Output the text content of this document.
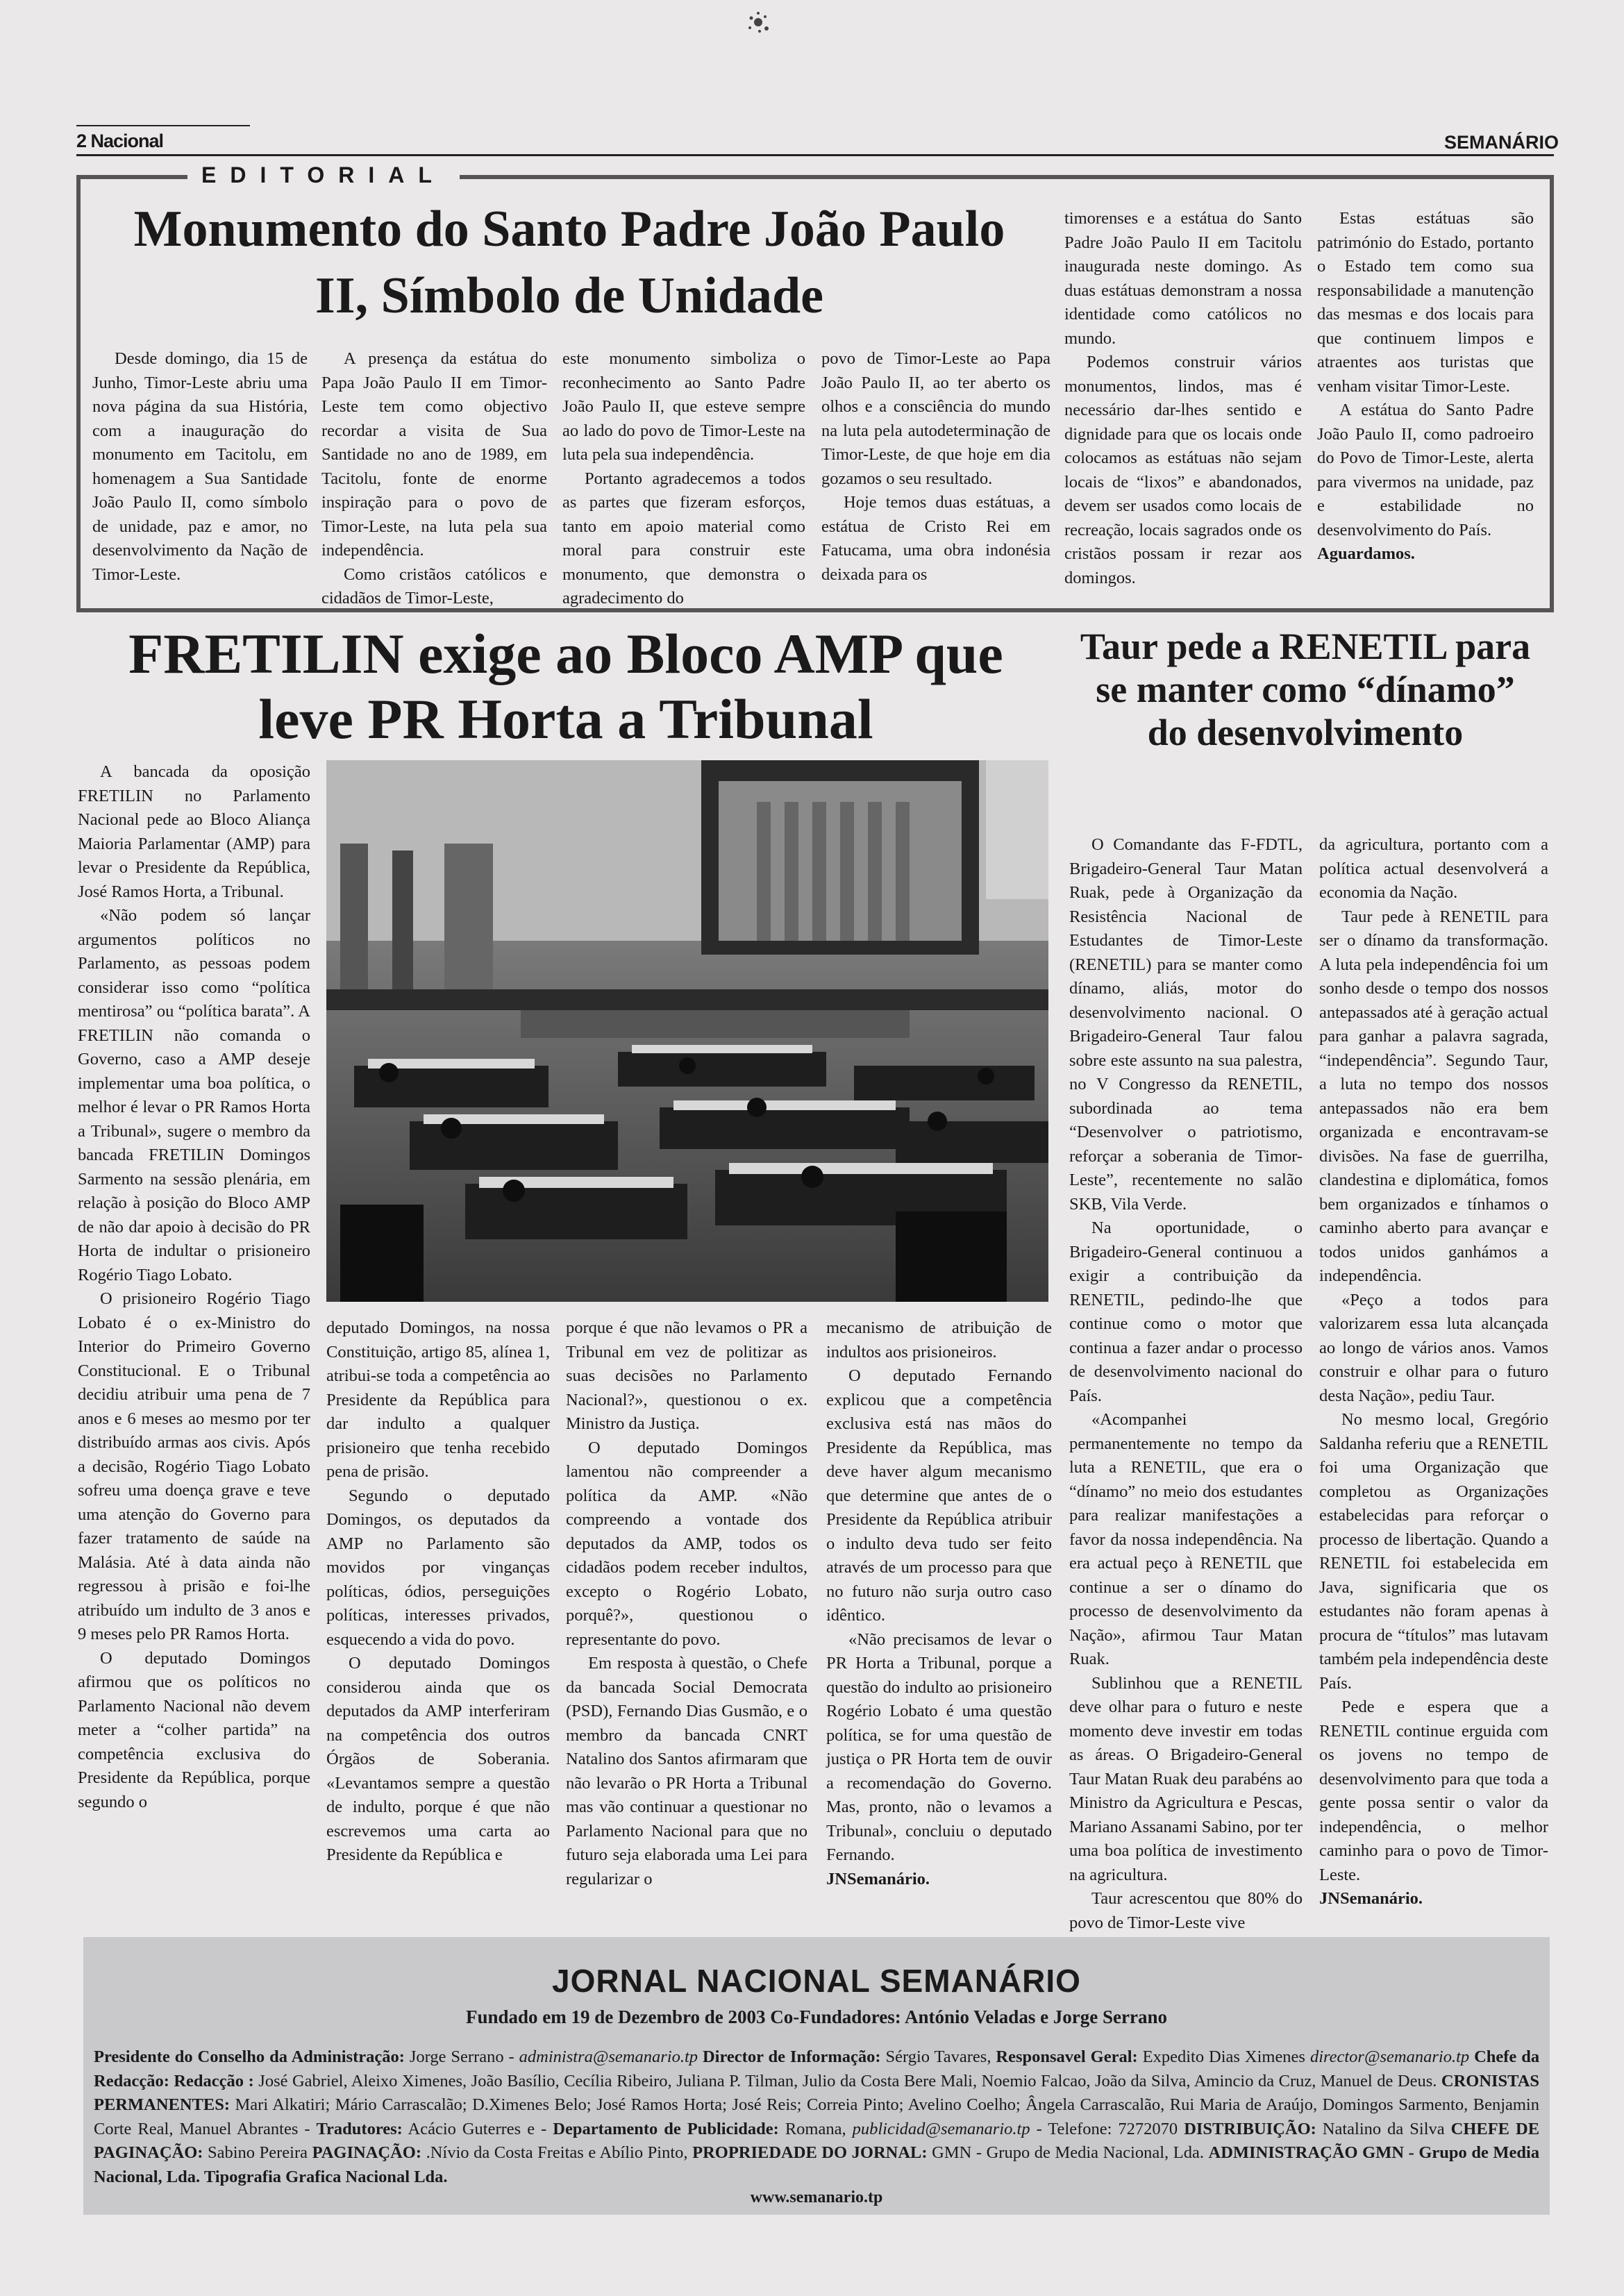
2 Nacional	SEMANÁRIO
EDITORIAL
Monumento do Santo Padre João Paulo II, Símbolo de Unidade

Desde domingo, dia 15 de Junho, Timor-Leste abriu uma nova página da sua História, com a inauguração do monumento em Tacitolu, em homenagem a Sua Santidade João Paulo II, como símbolo de unidade, paz e amor, no desenvolvimento da Nação de Timor-Leste.

A presença da estátua do Papa João Paulo II em Timor-Leste tem como objectivo recordar a visita de Sua Santidade no ano de 1989, em Tacitolu, fonte de enorme inspiração para o povo de Timor-Leste, na luta pela sua independência.

Como cristãos católicos e cidadãos de Timor-Leste,

este monumento simboliza o reconhecimento ao Santo Padre João Paulo II, que esteve sempre ao lado do povo de Timor-Leste na luta pela sua independência.

Portanto agradecemos a todos as partes que fizeram esforços, tanto em apoio material como moral para construir este monumento, que demonstra o agradecimento do

povo de Timor-Leste ao Papa João Paulo II, ao ter aberto os olhos e a consciência do mundo na luta pela autodeterminação de Timor-Leste, de que hoje em dia gozamos o seu resultado.

Hoje temos duas estátuas, a estátua de Cristo Rei em Fatucama, uma obra indonésia deixada para os

timorenses e a estátua do Santo Padre João Paulo II em Tacitolu inaugurada neste domingo. As duas estátuas demonstram a nossa identidade como católicos no mundo.

Podemos construir vários monumentos, lindos, mas é necessário dar-lhes sentido e dignidade para que os locais onde colocamos as estátuas não sejam locais de “lixos” e abandonados, devem ser usados como locais de recreação, locais sagrados onde os cristãos possam ir rezar aos domingos.

Estas estátuas são património do Estado, portanto o Estado tem como sua responsabilidade a manutenção das mesmas e dos locais para que continuem limpos e atraentes aos turistas que venham visitar Timor-Leste.

A estátua do Santo Padre João Paulo II, como padroeiro do Povo de Timor-Leste, alerta para vivermos na unidade, paz e estabilidade no desenvolvimento do País.

Aguardamos.

FRETILIN exige ao Bloco AMP que leve PR Horta a Tribunal

A bancada da oposição FRETILIN no Parlamento Nacional pede ao Bloco Aliança Maioria Parlamentar (AMP) para levar o Presidente da República, José Ramos Horta, a Tribunal.

«Não podem só lançar argumentos políticos no Parlamento, as pessoas podem considerar isso como “política mentirosa” ou “política barata”. A FRETILIN não comanda o Governo, caso a AMP deseje implementar uma boa política, o melhor é levar o PR Ramos Horta a Tribunal», sugere o membro da bancada FRETILIN Domingos Sarmento na sessão plenária, em relação à posição do Bloco AMP de não dar apoio à decisão do PR Horta de indultar o prisioneiro Rogério Tiago Lobato.

O prisioneiro Rogério Tiago Lobato é o ex-Ministro do Interior do Primeiro Governo Constitucional. E o Tribunal decidiu atribuir uma pena de 7 anos e 6 meses ao mesmo por ter distribuído armas aos civis. Após a decisão, Rogério Tiago Lobato sofreu uma doença grave e teve uma atenção do Governo para fazer tratamento de saúde na Malásia. Até à data ainda não regressou à prisão e foi-lhe atribuído um indulto de 3 anos e 9 meses pelo PR Ramos Horta.

O deputado Domingos afirmou que os políticos no Parlamento Nacional não devem meter a “colher partida” na competência exclusiva do Presidente da República, porque segundo o

deputado Domingos, na nossa Constituição, artigo 85, alínea 1, atribui-se toda a competência ao Presidente da República para dar indulto a qualquer prisioneiro que tenha recebido pena de prisão.

Segundo o deputado Domingos, os deputados da AMP no Parlamento são movidos por vinganças políticas, ódios, perseguições políticas, interesses privados, esquecendo a vida do povo.

O deputado Domingos considerou ainda que os deputados da AMP interferiram na competência dos outros Órgãos de Soberania. «Levantamos sempre a questão de indulto, porque é que não escrevemos uma carta ao Presidente da República e

porque é que não levamos o PR a Tribunal em vez de politizar as suas decisões no Parlamento Nacional?», questionou o ex. Ministro da Justiça.

O deputado Domingos lamentou não compreender a política da AMP. «Não compreendo a vontade dos deputados da AMP, todos os cidadãos podem receber indultos, excepto o Rogério Lobato, porquê?», questionou o representante do povo.

Em resposta à questão, o Chefe da bancada Social Democrata (PSD), Fernando Dias Gusmão, e o membro da bancada CNRT Natalino dos Santos afirmaram que não levarão o PR Horta a Tribunal mas vão continuar a questionar no Parlamento Nacional para que no futuro seja elaborada uma Lei para regularizar o

mecanismo de atribuição de indultos aos prisioneiros.

O deputado Fernando explicou que a competência exclusiva está nas mãos do Presidente da República, mas deve haver algum mecanismo que determine que antes de o Presidente da República atribuir o indulto deva tudo ser feito através de um processo para que no futuro não surja outro caso idêntico.

«Não precisamos de levar o PR Horta a Tribunal, porque a questão do indulto ao prisioneiro Rogério Lobato é uma questão política, se for uma questão de justiça o PR Horta tem de ouvir a recomendação do Governo. Mas, pronto, não o levamos a Tribunal», concluiu o deputado Fernando.

JNSemanário.

Taur pede a RENETIL para se manter como “dínamo” do desenvolvimento

O Comandante das F-FDTL, Brigadeiro-General Taur Matan Ruak, pede à Organização da Resistência Nacional de Estudantes de Timor-Leste (RENETIL) para se manter como dínamo, aliás, motor do desenvolvimento nacional. O Brigadeiro-General Taur falou sobre este assunto na sua palestra, no V Congresso da RENETIL, subordinada ao tema “Desenvolver o patriotismo, reforçar a soberania de Timor-Leste”, recentemente no salão SKB, Vila Verde.

Na oportunidade, o Brigadeiro-General continuou a exigir a contribuição da RENETIL, pedindo-lhe que continue como o motor que continua a fazer andar o processo de desenvolvimento nacional do País.

«Acompanhei permanentemente no tempo da luta a RENETIL, que era o “dínamo” no meio dos estudantes para realizar manifestações a favor da nossa independência. Na era actual peço à RENETIL que continue a ser o dínamo do processo de desenvolvimento da Nação», afirmou Taur Matan Ruak.

Sublinhou que a RENETIL deve olhar para o futuro e neste momento deve investir em todas as áreas. O Brigadeiro-General Taur Matan Ruak deu parabéns ao Ministro da Agricultura e Pescas, Mariano Assanami Sabino, por ter uma boa política de investimento na agricultura.

Taur acrescentou que 80% do povo de Timor-Leste vive

da agricultura, portanto com a política actual desenvolverá a economia da Nação.

Taur pede à RENETIL para ser o dínamo da transformação. A luta pela independência foi um sonho desde o tempo dos nossos antepassados até à geração actual para ganhar a palavra sagrada, “independência”. Segundo Taur, a luta no tempo dos nossos antepassados não era bem organizada e encontravam-se divisões. Na fase de guerrilha, clandestina e diplomática, fomos bem organizados e tínhamos o caminho aberto para avançar e todos unidos ganhámos a independência.

«Peço a todos para valorizarem essa luta alcançada ao longo de vários anos. Vamos construir e olhar para o futuro desta Nação», pediu Taur.

No mesmo local, Gregório Saldanha referiu que a RENETIL foi uma Organização que completou as Organizações estabelecidas para reforçar o processo de libertação. Quando a RENETIL foi estabelecida em Java, significaria que os estudantes não foram apenas à procura de “títulos” mas lutavam também pela independência deste País.

Pede e espera que a RENETIL continue erguida com os jovens no tempo de desenvolvimento para que toda a gente possa sentir o valor da independência, o melhor caminho para o povo de Timor-Leste.

JNSemanário.

JORNAL NACIONAL SEMANÁRIO
Fundado em 19 de Dezembro de 2003 Co-Fundadores: António Veladas e Jorge Serrano
Presidente do Conselho da Administração: Jorge Serrano - administra@semanario.tp Director de Informação: Sérgio Tavares, Responsavel Geral: Expedito Dias Ximenes director@semanario.tp Chefe da Redacção: Redacção : José Gabriel, Aleixo Ximenes, João Basílio, Cecília Ribeiro, Juliana P. Tilman, Julio da Costa Bere Mali, Noemio Falcao, João da Silva, Amincio da Cruz, Manuel de Deus. CRONISTAS PERMANENTES: Mari Alkatiri; Mário Carrascalão; D.Ximenes Belo; José Ramos Horta; José Reis; Correia Pinto; Avelino Coelho; Ângela Carrascalão, Rui Maria de Araújo, Domingos Sarmento, Benjamin Corte Real, Manuel Abrantes - Tradutores: Acácio Guterres e - Departamento de Publicidade: Romana, publicidad@semanario.tp - Telefone: 7272070 DISTRIBUIÇÃO: Natalino da Silva CHEFE DE PAGINAÇÃO: Sabino Pereira PAGINAÇÃO: .Nívio da Costa Freitas e Abílio Pinto, PROPRIEDADE DO JORNAL: GMN - Grupo de Media Nacional, Lda. ADMINISTRAÇÃO GMN - Grupo de Media Nacional, Lda. Tipografia Grafica Nacional Lda.
www.semanario.tp
